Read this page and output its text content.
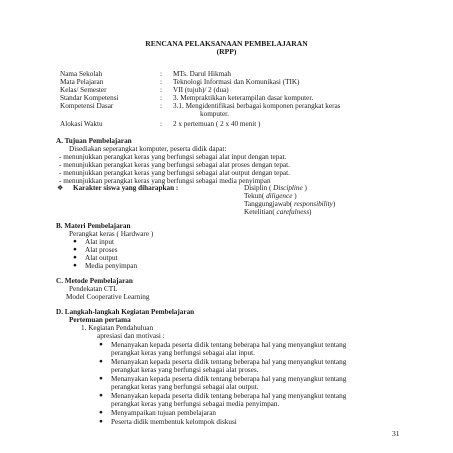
RENCANA PELAKSANAAN PEMBELAJARAN
(RPP)
Nama Sekolah	: MTs. Darul Hikmah
Mata Pelajaran	: Teknologi Informasi dan Komunikasi (TIK)
Kelas/ Semester	: VII (tujuh)/ 2 (dua)
Standar Kompetensi	: 3. Mempraktikkan keterampilan dasar komputer.
Kompetensi Dasar	: 3.1. Mengidentifikasi berbagai komponen perangkat keras
komputer.
Alokasi Waktu	: 2 x pertemuan ( 2 x 40 menit )
A. Tujuan Pembelajaran
Disediakan seperangkat komputer, peserta didik dapat:
- menunjukkan perangkat keras yang berfungsi sebagai alat input dengan tepat.
- menunjukkan perangkat keras yang berfungsi sebagai alat proses dengan tepat.
- menunjukkan perangkat keras yang berfungsi sebagai alat output dengan tepat.
- menunjukkan perangkat keras yang berfungsi sebagai media penyimpan
❖ Karakter siswa yang diharapkan :	Disiplin ( Discipline )
Tekun( diligence )
Tanggungjawab( responsibility)
Ketelitian( carefulness)
B. Materi Pembelajaran
Perangkat keras ( Hardware )
● Alat input
● Alat proses
● Alat output
● Media penyimpan
C. Metode Pembelajaran
Pendekatan CTL
Model Cooperative Learning
D. Langkah-langkah Kegiatan Pembelajaran
Pertemuan pertama
1. Kegiatan Pendahuluan
apresiasi dan motivasi :
● Menanyakan kepada peserta didik tentang beberapa hal yang menyangkut tentang
perangkat keras yang berfungsi sebagai alat input.
● Menanyakan kepada peserta didik tentang beberapa hal yang menyangkut tentang
perangkat keras yang berfungsi sebagai alat proses.
● Menanyakan kepada peserta didik tentang beberapa hal yang menyangkut tentang
perangkat keras yang berfungsi sebagai alat output.
● Menanyakan kepada peserta didik tentang beberapa hal yang menyangkut tentang
perangkat keras yang berfungsi sebagai media penyimpan.
● Menyampaikan tujuan pembelajaran
● Peserta didik membentuk kelompok diskusi
31
